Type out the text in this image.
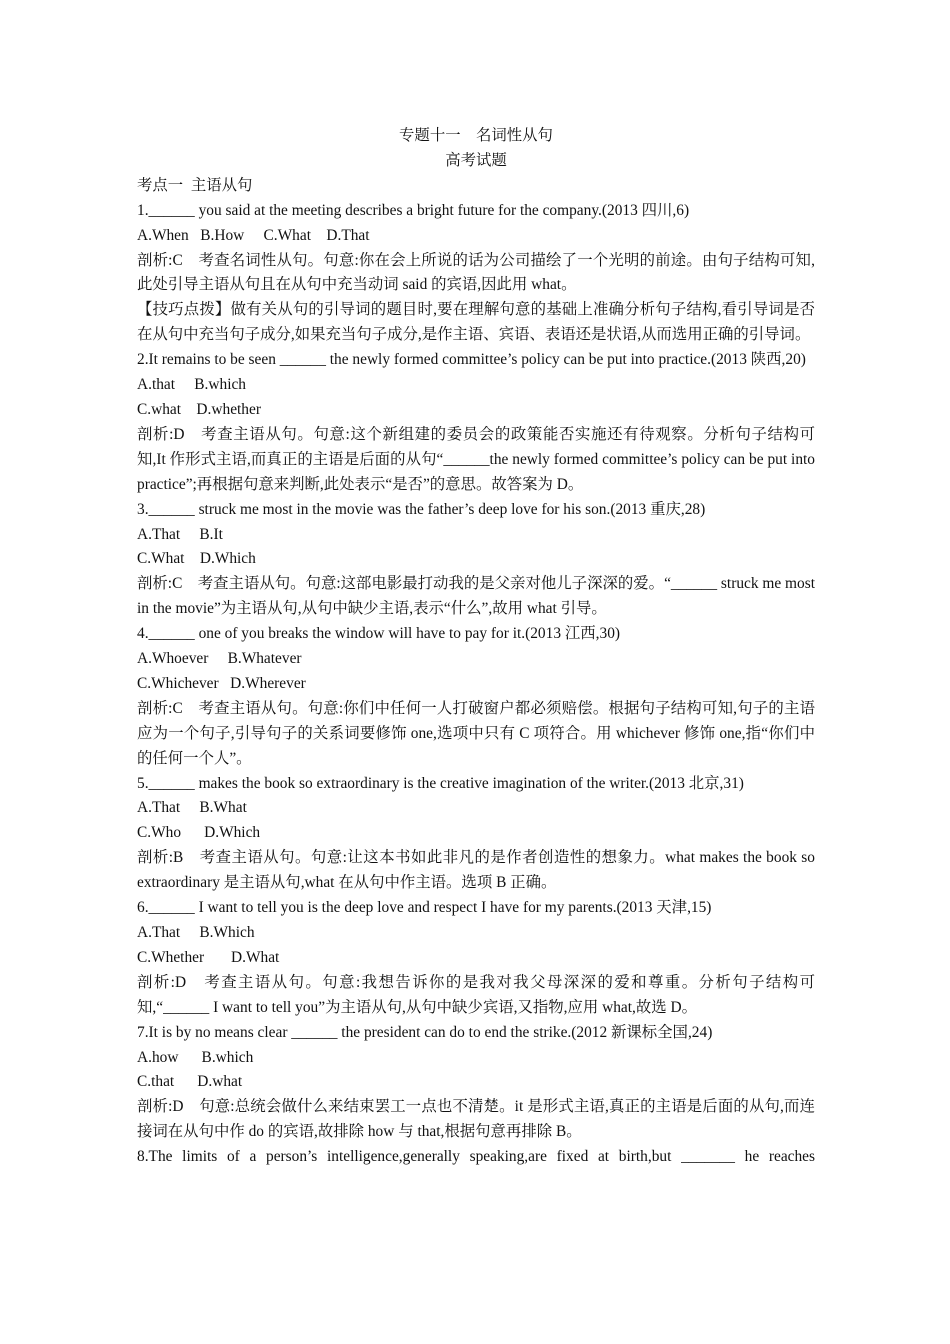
专题十一　名词性从句
高考试题
考点一  主语从句
1.______ you said at the meeting describes a bright future for the company.(2013 四川,6)
A.When   B.How     C.What    D.That
剖析:C　考查名词性从句。句意:你在会上所说的话为公司描绘了一个光明的前途。由句子结构可知,此处引导主语从句且在从句中充当动词 said 的宾语,因此用 what。
【技巧点拨】做有关从句的引导词的题目时,要在理解句意的基础上准确分析句子结构,看引导词是否在从句中充当句子成分,如果充当句子成分,是作主语、宾语、表语还是状语,从而选用正确的引导词。
2.It remains to be seen ______ the newly formed committee’s policy can be put into practice.(2013 陕西,20)
A.that     B.which
C.what    D.whether
剖析:D　考查主语从句。句意:这个新组建的委员会的政策能否实施还有待观察。分析句子结构可知,It 作形式主语,而真正的主语是后面的从句“______the newly formed committee’s policy can be put into practice”;再根据句意来判断,此处表示“是否”的意思。故答案为 D。
3.______ struck me most in the movie was the father’s deep love for his son.(2013 重庆,28)
A.That     B.It
C.What    D.Which
剖析:C　考查主语从句。句意:这部电影最打动我的是父亲对他儿子深深的爱。“______ struck me most in the movie”为主语从句,从句中缺少主语,表示“什么”,故用 what 引导。
4.______ one of you breaks the window will have to pay for it.(2013 江西,30)
A.Whoever     B.Whatever
C.Whichever   D.Wherever
剖析:C　考查主语从句。句意:你们中任何一人打破窗户都必须赔偿。根据句子结构可知,句子的主语应为一个句子,引导句子的关系词要修饰 one,选项中只有 C 项符合。用 whichever 修饰 one,指“你们中的任何一个人”。
5.______ makes the book so extraordinary is the creative imagination of the writer.(2013 北京,31)
A.That     B.What
C.Who      D.Which
剖析:B　考查主语从句。句意:让这本书如此非凡的是作者创造性的想象力。what makes the book so extraordinary 是主语从句,what 在从句中作主语。选项 B 正确。
6.______ I want to tell you is the deep love and respect I have for my parents.(2013 天津,15)
A.That     B.Which
C.Whether       D.What
剖析:D　考查主语从句。句意:我想告诉你的是我对我父母深深的爱和尊重。分析句子结构可知,“______ I want to tell you”为主语从句,从句中缺少宾语,又指物,应用 what,故选 D。
7.It is by no means clear ______ the president can do to end the strike.(2012 新课标全国,24)
A.how      B.which
C.that      D.what
剖析:D　句意:总统会做什么来结束罢工一点也不清楚。it 是形式主语,真正的主语是后面的从句,而连接词在从句中作 do 的宾语,故排除 how 与 that,根据句意再排除 B。
8.The limits of a person’s intelligence,generally speaking,are fixed at birth,but _______ he reaches
